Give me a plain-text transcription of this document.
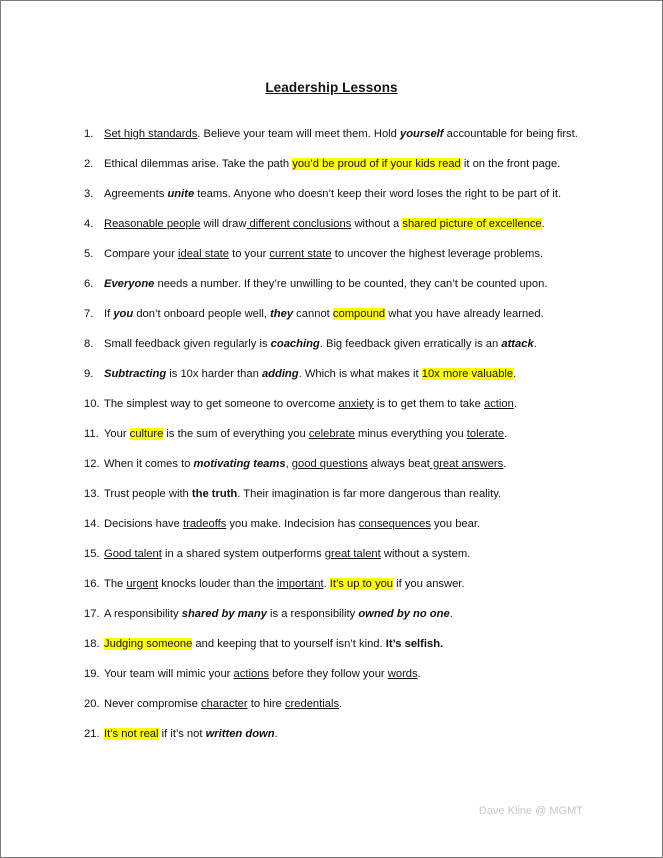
Leadership Lessons
1. Set high standards. Believe your team will meet them. Hold yourself accountable for being first.
2. Ethical dilemmas arise. Take the path you’d be proud of if your kids read it on the front page.
3. Agreements unite teams. Anyone who doesn’t keep their word loses the right to be part of it.
4. Reasonable people will draw different conclusions without a shared picture of excellence.
5. Compare your ideal state to your current state to uncover the highest leverage problems.
6. Everyone needs a number. If they’re unwilling to be counted, they can’t be counted upon.
7. If you don’t onboard people well, they cannot compound what you have already learned.
8. Small feedback given regularly is coaching. Big feedback given erratically is an attack.
9. Subtracting is 10x harder than adding. Which is what makes it 10x more valuable.
10. The simplest way to get someone to overcome anxiety is to get them to take action.
11. Your culture is the sum of everything you celebrate minus everything you tolerate.
12. When it comes to motivating teams, good questions always beat great answers.
13. Trust people with the truth. Their imagination is far more dangerous than reality.
14. Decisions have tradeoffs you make. Indecision has consequences you bear.
15. Good talent in a shared system outperforms great talent without a system.
16. The urgent knocks louder than the important. It’s up to you if you answer.
17. A responsibility shared by many is a responsibility owned by no one.
18. Judging someone and keeping that to yourself isn’t kind. It’s selfish.
19. Your team will mimic your actions before they follow your words.
20. Never compromise character to hire credentials.
21. It’s not real if it’s not written down.
Dave Kline @ MGMT
